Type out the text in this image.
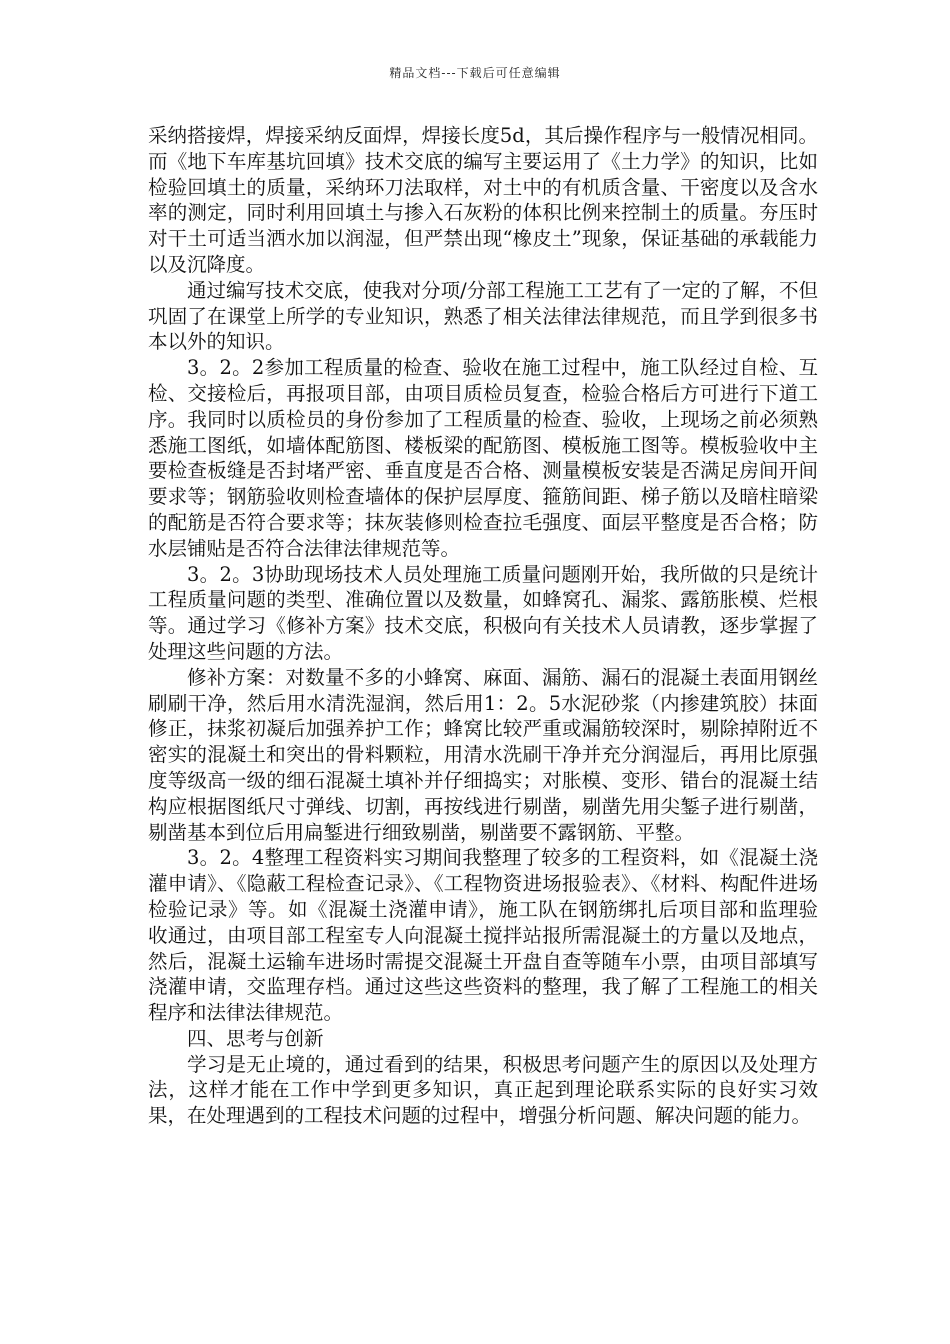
精品文档---下载后可任意编辑

采纳搭接焊，焊接采纳反面焊，焊接长度5d，其后操作程序与一般情况相同。而《地下车库基坑回填》技术交底的编写主要运用了《土力学》的知识，比如检验回填土的质量，采纳环刀法取样，对土中的有机质含量、干密度以及含水率的测定，同时利用回填土与掺入石灰粉的体积比例来控制土的质量。夯压时对干土可适当洒水加以润湿，但严禁出现“橡皮土”现象，保证基础的承载能力以及沉降度。

通过编写技术交底，使我对分项/分部工程施工工艺有了一定的了解，不但巩固了在课堂上所学的专业知识，熟悉了相关法律法律规范，而且学到很多书本以外的知识。

3。2。2参加工程质量的检查、验收在施工过程中，施工队经过自检、互检、交接检后，再报项目部，由项目质检员复查，检验合格后方可进行下道工序。我同时以质检员的身份参加了工程质量的检查、验收，上现场之前必须熟悉施工图纸，如墙体配筋图、楼板梁的配筋图、模板施工图等。模板验收中主要检查板缝是否封堵严密、垂直度是否合格、测量模板安装是否满足房间开间要求等；钢筋验收则检查墙体的保护层厚度、箍筋间距、梯子筋以及暗柱暗梁的配筋是否符合要求等；抹灰装修则检查拉毛强度、面层平整度是否合格；防水层铺贴是否符合法律法律规范等。

3。2。3协助现场技术人员处理施工质量问题刚开始，我所做的只是统计工程质量问题的类型、准确位置以及数量，如蜂窝孔、漏浆、露筋胀模、烂根等。通过学习《修补方案》技术交底，积极向有关技术人员请教，逐步掌握了处理这些问题的方法。

修补方案：对数量不多的小蜂窝、麻面、漏筋、漏石的混凝土表面用钢丝刷刷干净，然后用水清洗湿润，然后用1：2。5水泥砂浆（内掺建筑胶）抹面修正，抹浆初凝后加强养护工作；蜂窝比较严重或漏筋较深时，剔除掉附近不密实的混凝土和突出的骨料颗粒，用清水洗刷干净并充分润湿后，再用比原强度等级高一级的细石混凝土填补并仔细捣实；对胀模、变形、错台的混凝土结构应根据图纸尺寸弹线、切割，再按线进行剔凿，剔凿先用尖錾子进行剔凿，剔凿基本到位后用扁錾进行细致剔凿，剔凿要不露钢筋、平整。

3。2。4整理工程资料实习期间我整理了较多的工程资料，如《混凝土浇灌申请》、《隐蔽工程检查记录》、《工程物资进场报验表》、《材料、构配件进场检验记录》等。如《混凝土浇灌申请》，施工队在钢筋绑扎后项目部和监理验收通过，由项目部工程室专人向混凝土搅拌站报所需混凝土的方量以及地点，然后，混凝土运输车进场时需提交混凝土开盘自查等随车小票，由项目部填写浇灌申请，交监理存档。通过这些这些资料的整理，我了解了工程施工的相关程序和法律法律规范。

四、思考与创新

学习是无止境的，通过看到的结果，积极思考问题产生的原因以及处理方法，这样才能在工作中学到更多知识，真正起到理论联系实际的良好实习效果，在处理遇到的工程技术问题的过程中，增强分析问题、解决问题的能力。
